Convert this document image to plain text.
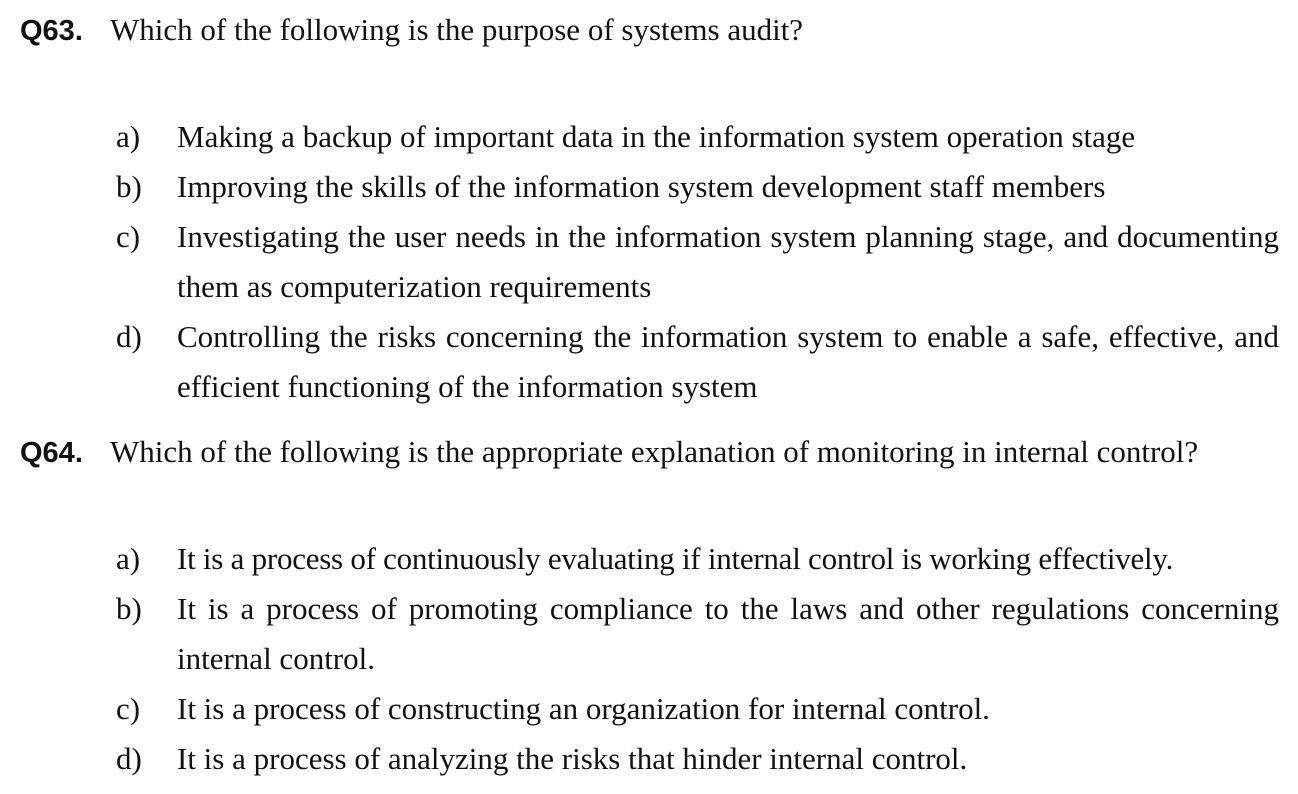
Q63. Which of the following is the purpose of systems audit?
a)	Making a backup of important data in the information system operation stage
b)	Improving the skills of the information system development staff members
c)	Investigating the user needs in the information system planning stage, and documenting them as computerization requirements
d)	Controlling the risks concerning the information system to enable a safe, effective, and efficient functioning of the information system
Q64. Which of the following is the appropriate explanation of monitoring in internal control?
a)	It is a process of continuously evaluating if internal control is working effectively.
b)	It is a process of promoting compliance to the laws and other regulations concerning internal control.
c)	It is a process of constructing an organization for internal control.
d)	It is a process of analyzing the risks that hinder internal control.
